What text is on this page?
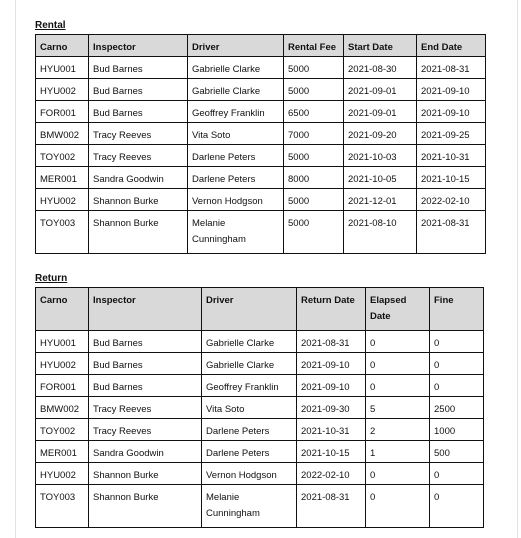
Rental

Carno	Inspector	Driver	Rental Fee	Start Date	End Date
HYU001	Bud Barnes	Gabrielle Clarke	5000	2021-08-30	2021-08-31
HYU002	Bud Barnes	Gabrielle Clarke	5000	2021-09-01	2021-09-10
FOR001	Bud Barnes	Geoffrey Franklin	6500	2021-09-01	2021-09-10
BMW002	Tracy Reeves	Vita Soto	7000	2021-09-20	2021-09-25
TOY002	Tracy Reeves	Darlene Peters	5000	2021-10-03	2021-10-31
MER001	Sandra Goodwin	Darlene Peters	8000	2021-10-05	2021-10-15
HYU002	Shannon Burke	Vernon Hodgson	5000	2021-12-01	2022-02-10
TOY003	Shannon Burke	Melanie Cunningham	5000	2021-08-10	2021-08-31

Return

Carno	Inspector	Driver	Return Date	Elapsed Date	Fine
HYU001	Bud Barnes	Gabrielle Clarke	2021-08-31	0	0
HYU002	Bud Barnes	Gabrielle Clarke	2021-09-10	0	0
FOR001	Bud Barnes	Geoffrey Franklin	2021-09-10	0	0
BMW002	Tracy Reeves	Vita Soto	2021-09-30	5	2500
TOY002	Tracy Reeves	Darlene Peters	2021-10-31	2	1000
MER001	Sandra Goodwin	Darlene Peters	2021-10-15	1	500
HYU002	Shannon Burke	Vernon Hodgson	2022-02-10	0	0
TOY003	Shannon Burke	Melanie Cunningham	2021-08-31	0	0
